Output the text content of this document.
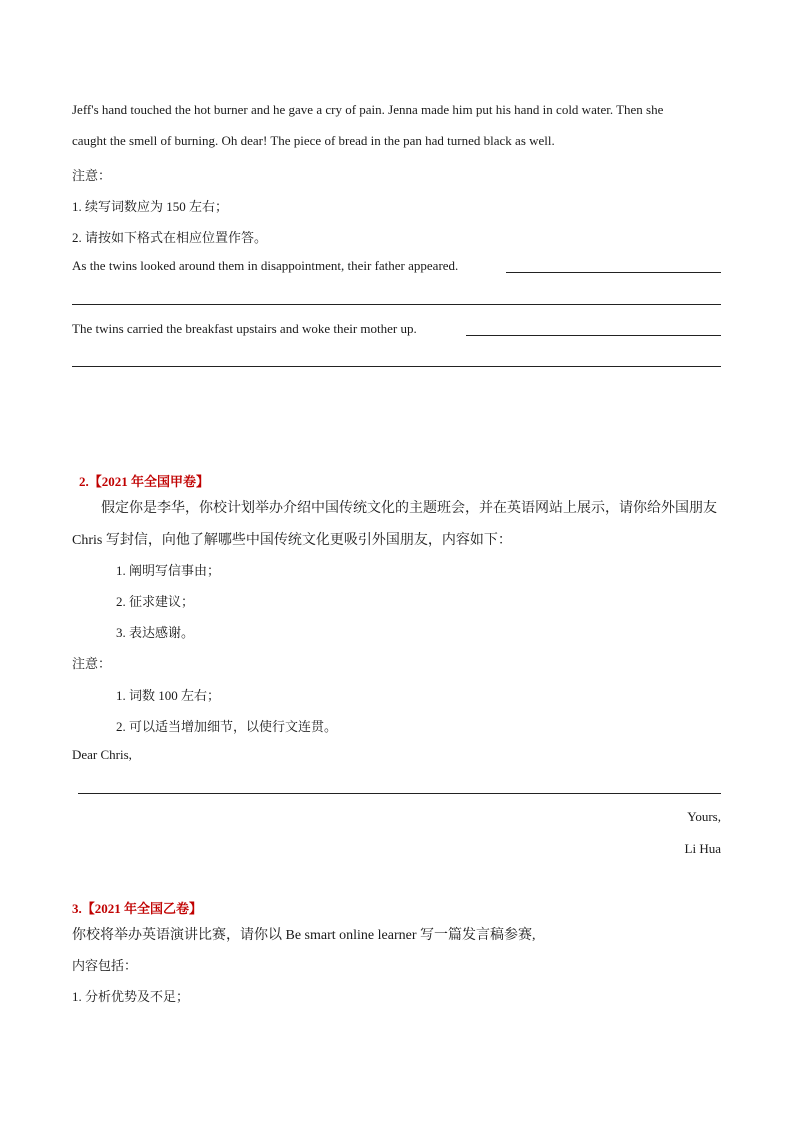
Jeff's hand touched the hot burner and he gave a cry of pain. Jenna made him put his hand in cold water. Then she
caught the smell of burning. Oh dear! The piece of bread in the pan had turned black as well.
注意：
1. 续写词数应为 150 左右；
2. 请按如下格式在相应位置作答。
As the twins looked around them in disappointment, their father appeared.
The twins carried the breakfast upstairs and woke their mother up.
2.【2021 年全国甲卷】
假定你是李华，你校计划举办介绍中国传统文化的主题班会，并在英语网站上展示，请你给外国朋友
Chris 写封信，向他了解哪些中国传统文化更吸引外国朋友，内容如下：
1. 阐明写信事由；
2. 征求建议；
3. 表达感谢。
注意：
1. 词数 100 左右；
2. 可以适当增加细节，以使行文连贯。
Dear Chris,
Yours,
Li Hua
3.【2021 年全国乙卷】
你校将举办英语演讲比赛，请你以 Be smart online learner 写一篇发言稿参赛,
内容包括：
1. 分析优势及不足；
